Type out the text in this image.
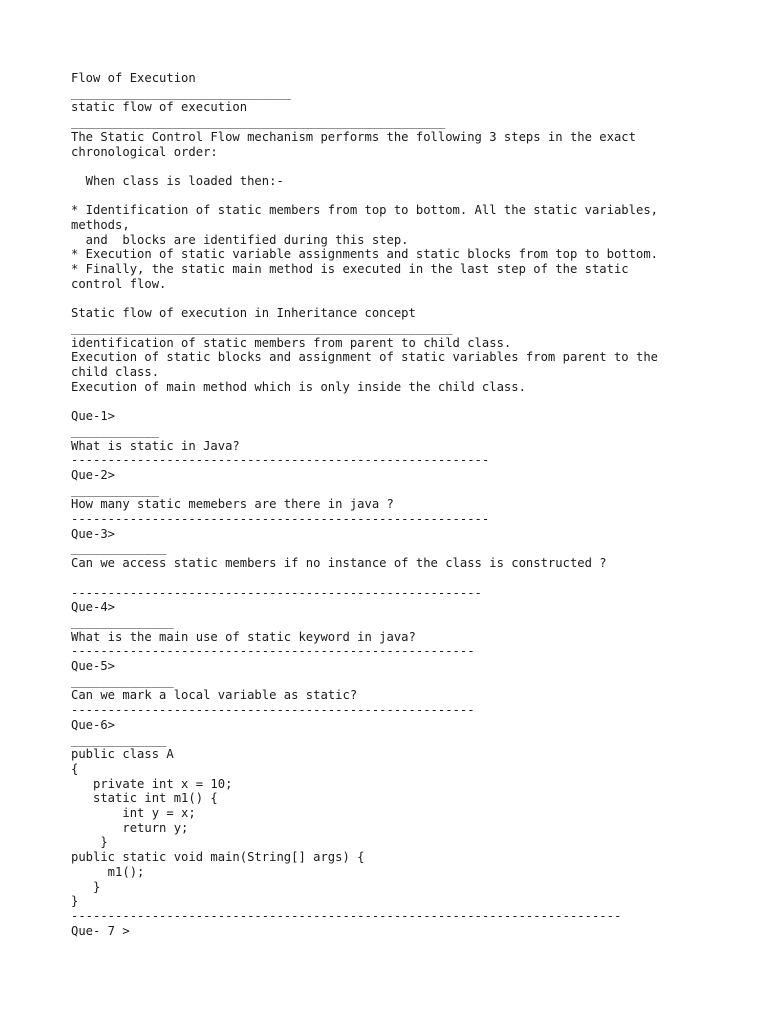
Flow of Execution
______________________________
static flow of execution
___________________________________________________
The Static Control Flow mechanism performs the following 3 steps in the exact
chronological order:
When class is loaded then:-
* Identification of static members from top to bottom. All the static variables,
methods,
and  blocks are identified during this step.
* Execution of static variable assignments and static blocks from top to bottom.
* Finally, the static main method is executed in the last step of the static
control flow.
Static flow of execution in Inheritance concept
____________________________________________________
identification of static members from parent to child class.
Execution of static blocks and assignment of static variables from parent to the
child class.
Execution of main method which is only inside the child class.
Que-1>
____________
What is static in Java?
---------------------------------------------------------
Que-2>
____________
How many static memebers are there in java ?
---------------------------------------------------------
Que-3>
_____________
Can we access static members if no instance of the class is constructed ?
--------------------------------------------------------
Que-4>
______________
What is the main use of static keyword in java?
-------------------------------------------------------
Que-5>
______________
Can we mark a local variable as static?
-------------------------------------------------------
Que-6>
_____________
public class A
{
private int x = 10;
static int m1() {
int y = x;
return y;
}
public static void main(String[] args) {
m1();
}
}
---------------------------------------------------------------------------
Que- 7 >
